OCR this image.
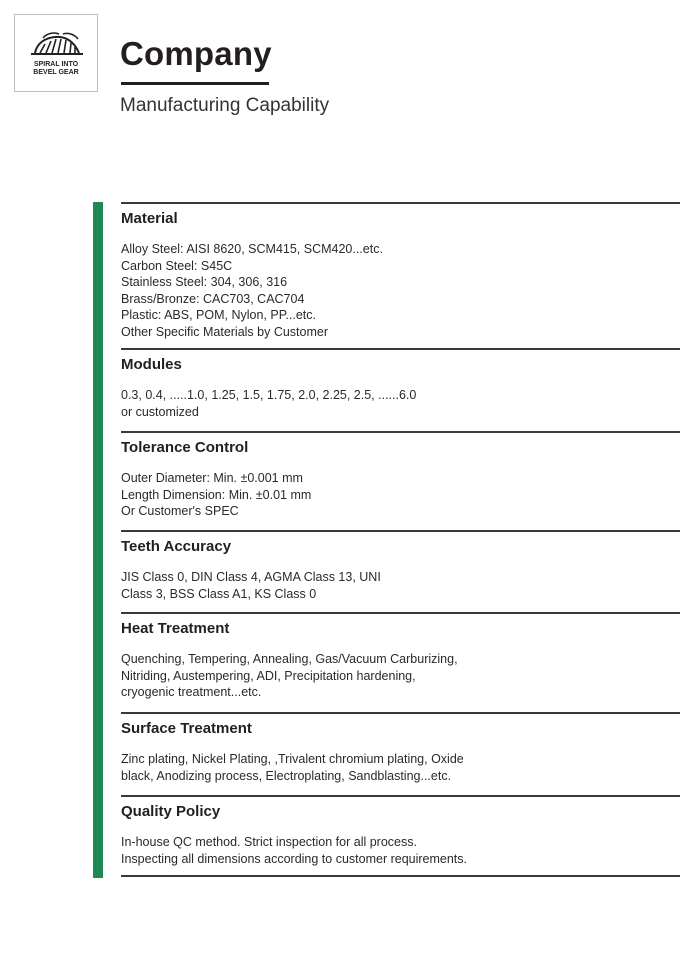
SPIRAL INTO
BEVEL GEAR
Company
Manufacturing Capability
Material
Alloy Steel: AISI 8620, SCM415, SCM420...etc.
Carbon Steel: S45C
Stainless Steel: 304, 306, 316
Brass/Bronze: CAC703, CAC704
Plastic: ABS, POM, Nylon, PP...etc.
Other Specific Materials by Customer
Modules
0.3, 0.4, .....1.0, 1.25, 1.5, 1.75, 2.0, 2.25, 2.5, ......6.0
or customized
Tolerance Control
Outer Diameter: Min. ±0.001 mm
Length Dimension: Min. ±0.01 mm
Or Customer's SPEC
Teeth Accuracy
JIS Class 0, DIN Class 4, AGMA Class 13, UNI
Class 3, BSS Class A1, KS Class 0
Heat Treatment
Quenching, Tempering, Annealing, Gas/Vacuum Carburizing,
Nitriding, Austempering, ADI, Precipitation hardening,
cryogenic treatment...etc.
Surface Treatment
Zinc plating, Nickel Plating, ,Trivalent chromium plating, Oxide
black, Anodizing process, Electroplating, Sandblasting...etc.
Quality Policy
In-house QC method. Strict inspection for all process.
Inspecting all dimensions according to customer requirements.
